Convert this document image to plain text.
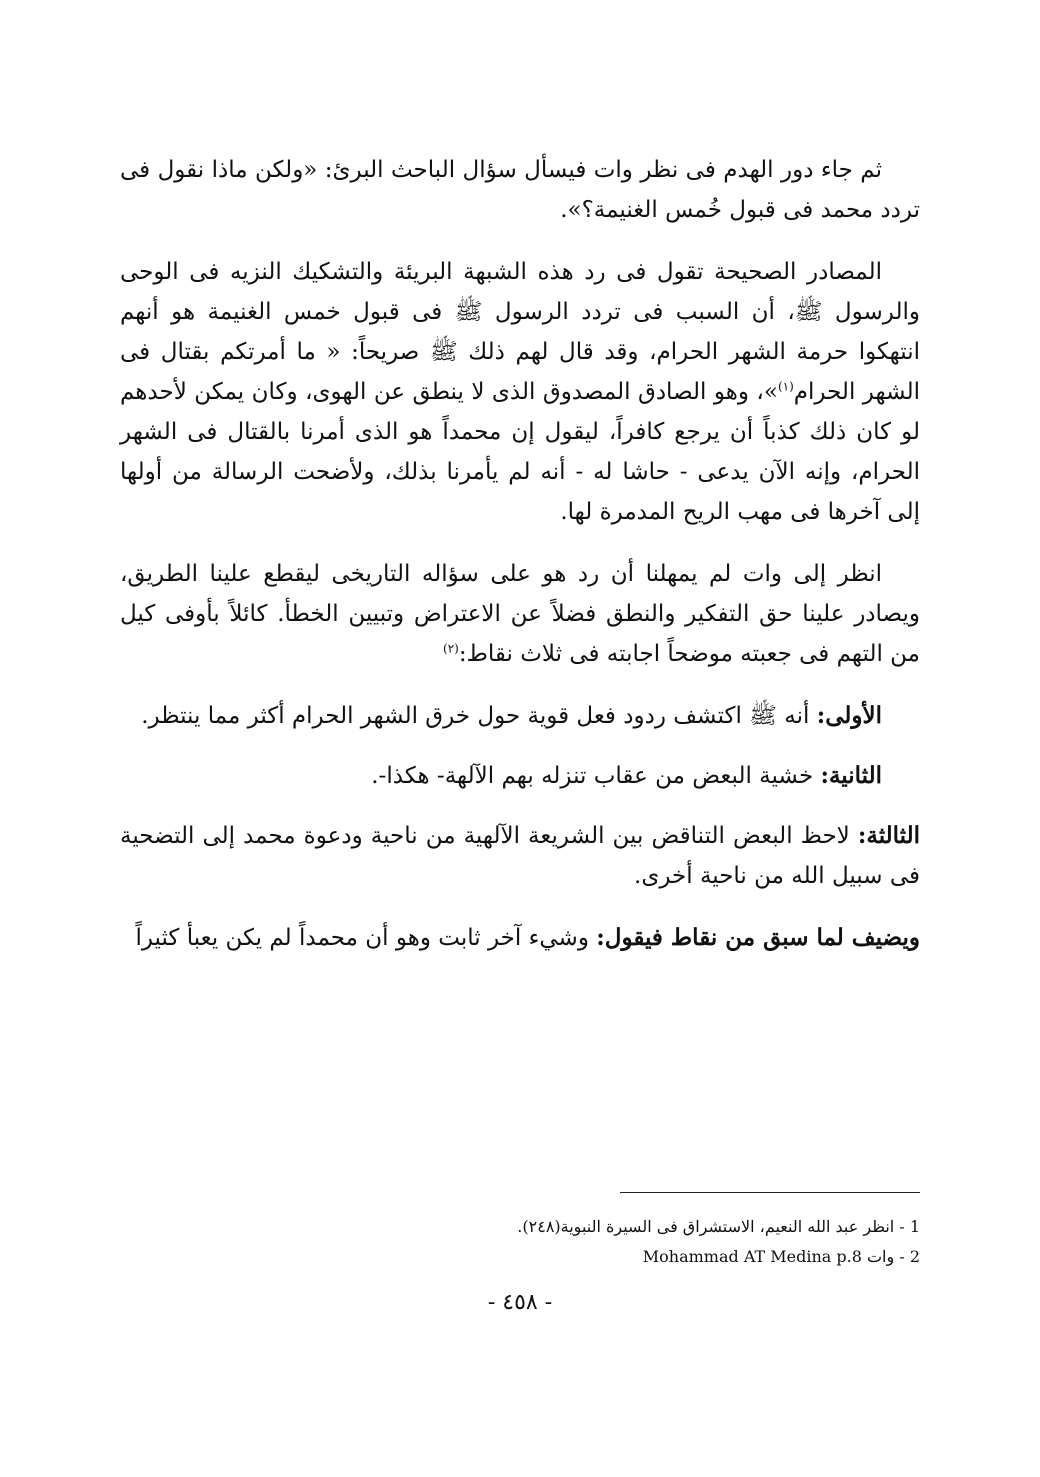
ثم جاء دور الهدم فى نظر وات فيسأل سؤال الباحث البرئ: «ولكن ماذا نقول فى تردد محمد فى قبول خُمس الغنيمة؟».

المصادر الصحيحة تقول فى رد هذه الشبهة البريئة والتشكيك النزيه فى الوحى والرسول ﷺ، أن السبب فى تردد الرسول ﷺ فى قبول خمس الغنيمة هو أنهم انتهكوا حرمة الشهر الحرام، وقد قال لهم ذلك ﷺ صريحاً: « ما أمرتكم بقتال فى الشهر الحرام$^{(١)}$»، وهو الصادق المصدوق الذى لا ينطق عن الهوى، وكان يمكن لأحدهم لو كان ذلك كذباً أن يرجع كافراً، ليقول إن محمداً هو الذى أمرنا بالقتال فى الشهر الحرام، وإنه الآن يدعى - حاشا له - أنه لم يأمرنا بذلك، ولأضحت الرسالة من أولها إلى آخرها فى مهب الريح المدمرة لها.

انظر إلى وات لم يمهلنا أن رد هو على سؤاله التاريخى ليقطع علينا الطريق، ويصادر علينا حق التفكير والنطق فضلاً عن الاعتراض وتبيين الخطأ. كائلاً بأوفى كيل من التهم فى جعبته موضحاً اجابته فى ثلاث نقاط:$^{(٢)}$

الأولى: أنه ﷺ اكتشف ردود فعل قوية حول خرق الشهر الحرام أكثر مما ينتظر.

الثانية: خشية البعض من عقاب تنزله بهم الآلهة- هكذا-.

الثالثة: لاحظ البعض التناقض بين الشريعة الآلهية من ناحية ودعوة محمد إلى التضحية فى سبيل الله من ناحية أخرى.

ويضيف لما سبق من نقاط فيقول: وشيء آخر ثابت وهو أن محمداً لم يكن يعبأ كثيراً

1 - انظر عبد الله النعيم، الاستشراق فى السيرة النبوية(٢٤٨).

2 - وات Mohammad AT Medina p.8

- ٤٥٨ -
